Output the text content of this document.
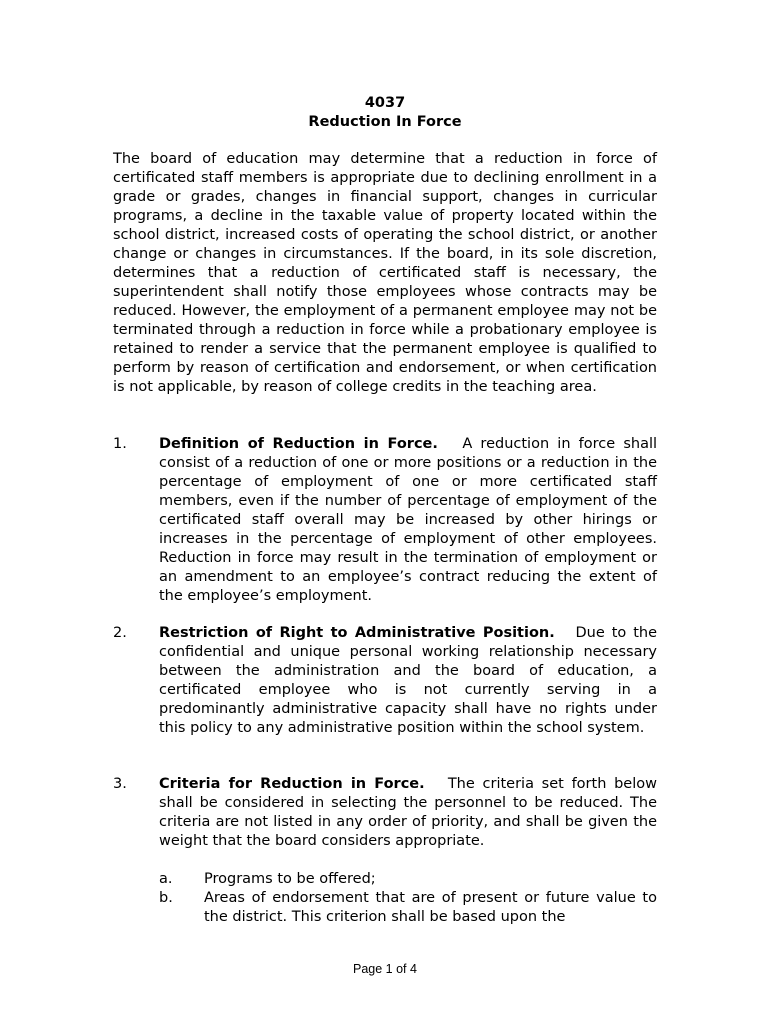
4037
Reduction In Force

The board of education may determine that a reduction in force of certificated staff members is appropriate due to declining enrollment in a grade or grades, changes in financial support, changes in curricular programs, a decline in the taxable value of property located within the school district, increased costs of operating the school district, or another change or changes in circumstances. If the board, in its sole discretion, determines that a reduction of certificated staff is necessary, the superintendent shall notify those employees whose contracts may be reduced. However, the employment of a permanent employee may not be terminated through a reduction in force while a probationary employee is retained to render a service that the permanent employee is qualified to perform by reason of certification and endorsement, or when certification is not applicable, by reason of college credits in the teaching area.

1. Definition of Reduction in Force. A reduction in force shall consist of a reduction of one or more positions or a reduction in the percentage of employment of one or more certificated staff members, even if the number of percentage of employment of the certificated staff overall may be increased by other hirings or increases in the percentage of employment of other employees. Reduction in force may result in the termination of employment or an amendment to an employee’s contract reducing the extent of the employee’s employment.
2. Restriction of Right to Administrative Position. Due to the confidential and unique personal working relationship necessary between the administration and the board of education, a certificated employee who is not currently serving in a predominantly administrative capacity shall have no rights under this policy to any administrative position within the school system.
3. Criteria for Reduction in Force. The criteria set forth below shall be considered in selecting the personnel to be reduced. The criteria are not listed in any order of priority, and shall be given the weight that the board considers appropriate.
a. Programs to be offered;
b. Areas of endorsement that are of present or future value to the district. This criterion shall be based upon the
Page 1 of 4
